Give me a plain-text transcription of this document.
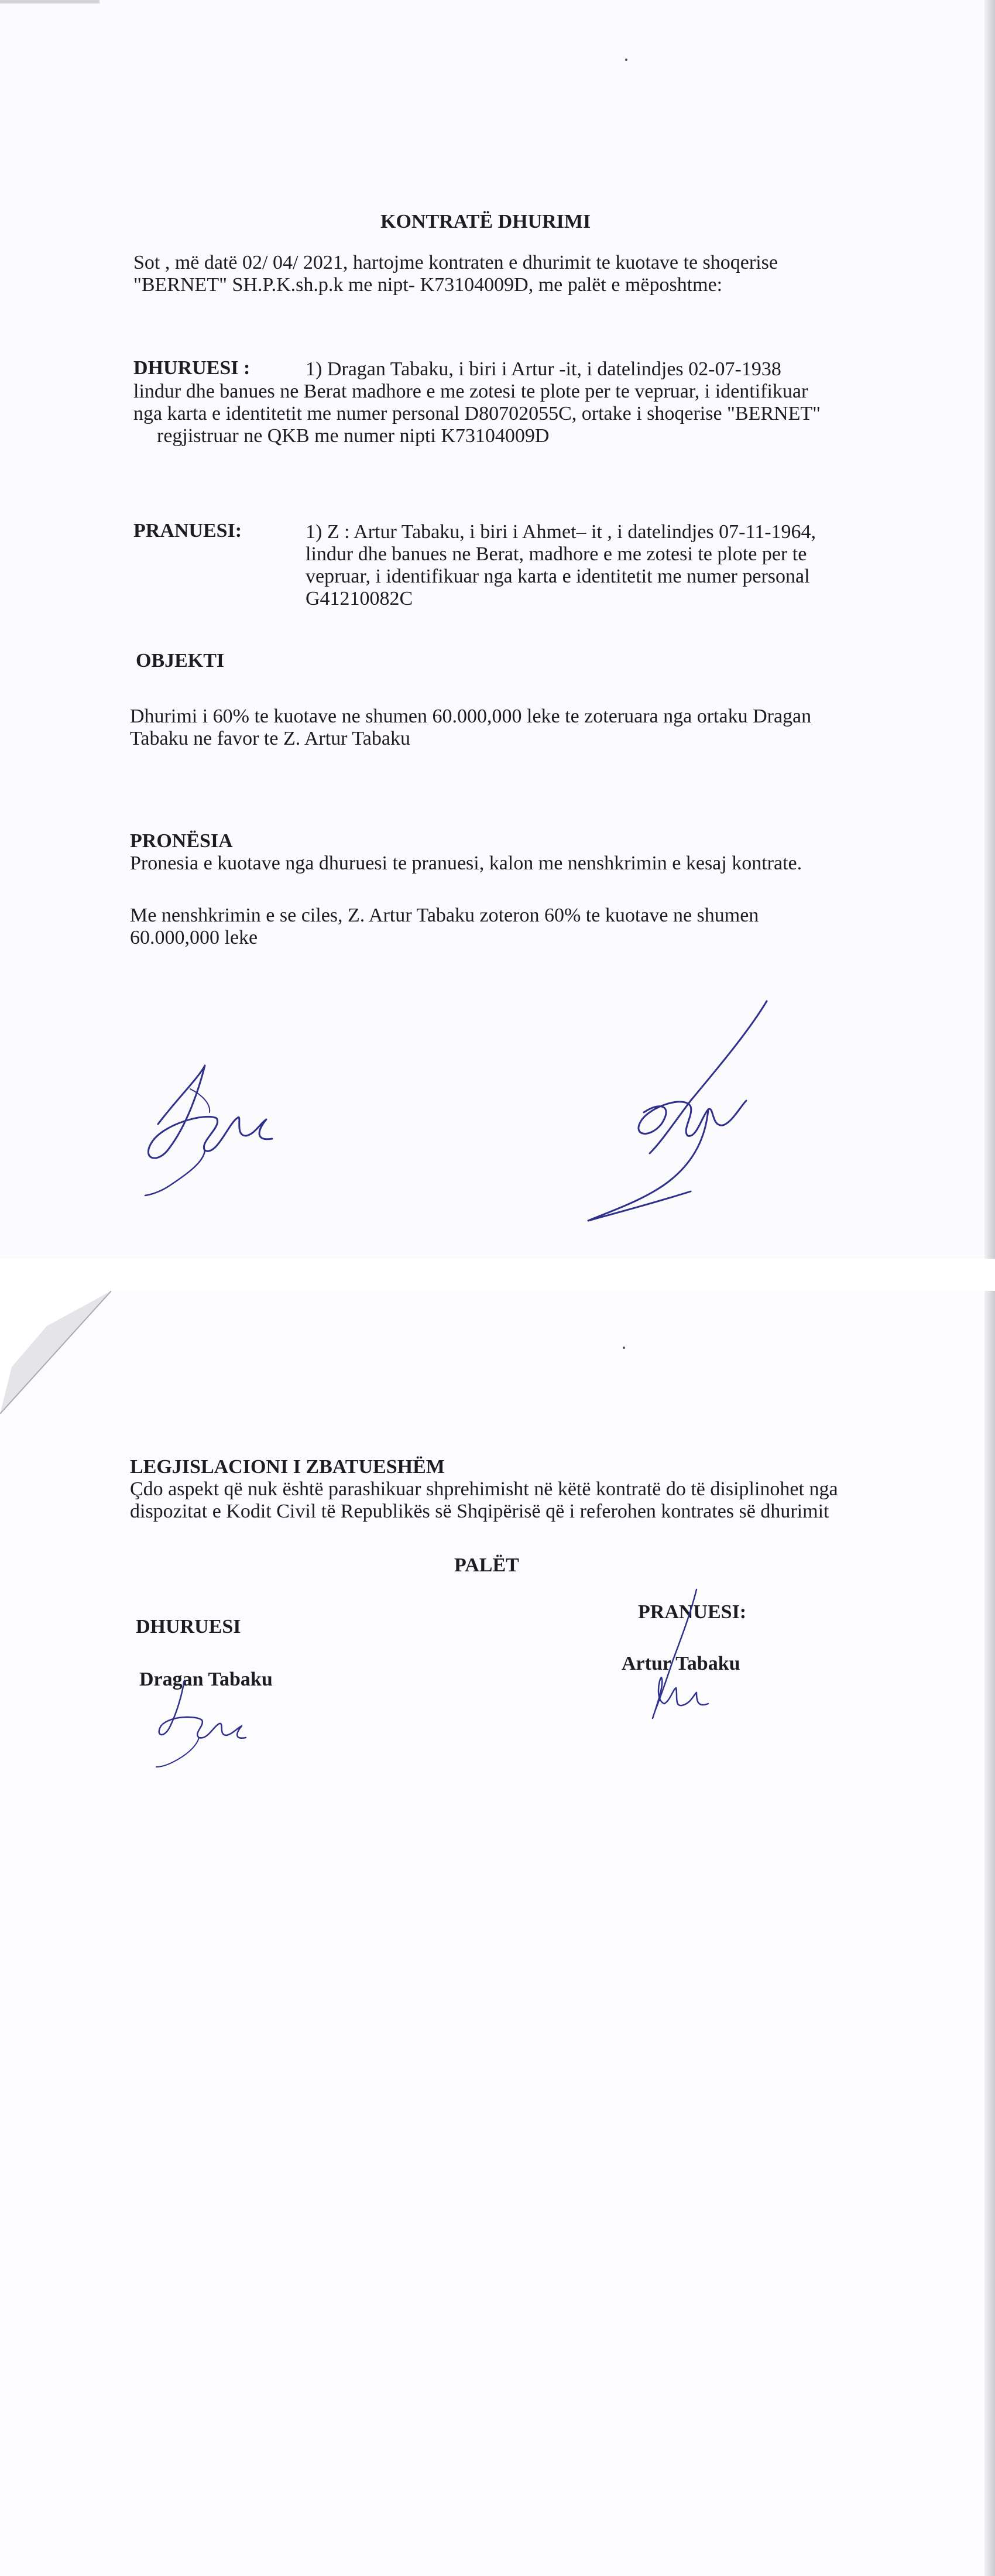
KONTRATË DHURIMI
Sot , më datë 02/ 04/ 2021, hartojme kontraten e dhurimit te kuotave te shoqerise
"BERNET" SH.P.K.sh.p.k me nipt- K73104009D, me palët e mëposhtme:
DHURUESI :	1) Dragan Tabaku, i biri i Artur -it, i datelindjes 02-07-1938
lindur dhe banues ne Berat madhore e me zotesi te plote per te vepruar, i identifikuar
nga karta e identitetit me numer personal D80702055C, ortake i shoqerise "BERNET"
regjistruar ne QKB me numer nipti K73104009D
PRANUESI:	1) Z : Artur Tabaku, i biri i Ahmet– it , i datelindjes 07-11-1964,
lindur dhe banues ne Berat, madhore e me zotesi te plote per te
vepruar, i identifikuar nga karta e identitetit me numer personal
G41210082C
OBJEKTI
Dhurimi i 60% te kuotave ne shumen 60.000,000 leke te zoteruara nga ortaku Dragan
Tabaku ne favor te Z. Artur Tabaku
PRONËSIA
Pronesia e kuotave nga dhuruesi te pranuesi, kalon me nenshkrimin e kesaj kontrate.
Me nenshkrimin e se ciles, Z. Artur Tabaku zoteron 60% te kuotave ne shumen
60.000,000 leke
LEGJISLACIONI I ZBATUESHËM
Çdo aspekt që nuk është parashikuar shprehimisht në këtë kontratë do të disiplinohet nga
dispozitat e Kodit Civil të Republikës së Shqipërisë që i referohen kontrates së dhurimit
PALËT
DHURUESI
Dragan Tabaku
PRANUESI:
Artur Tabaku
